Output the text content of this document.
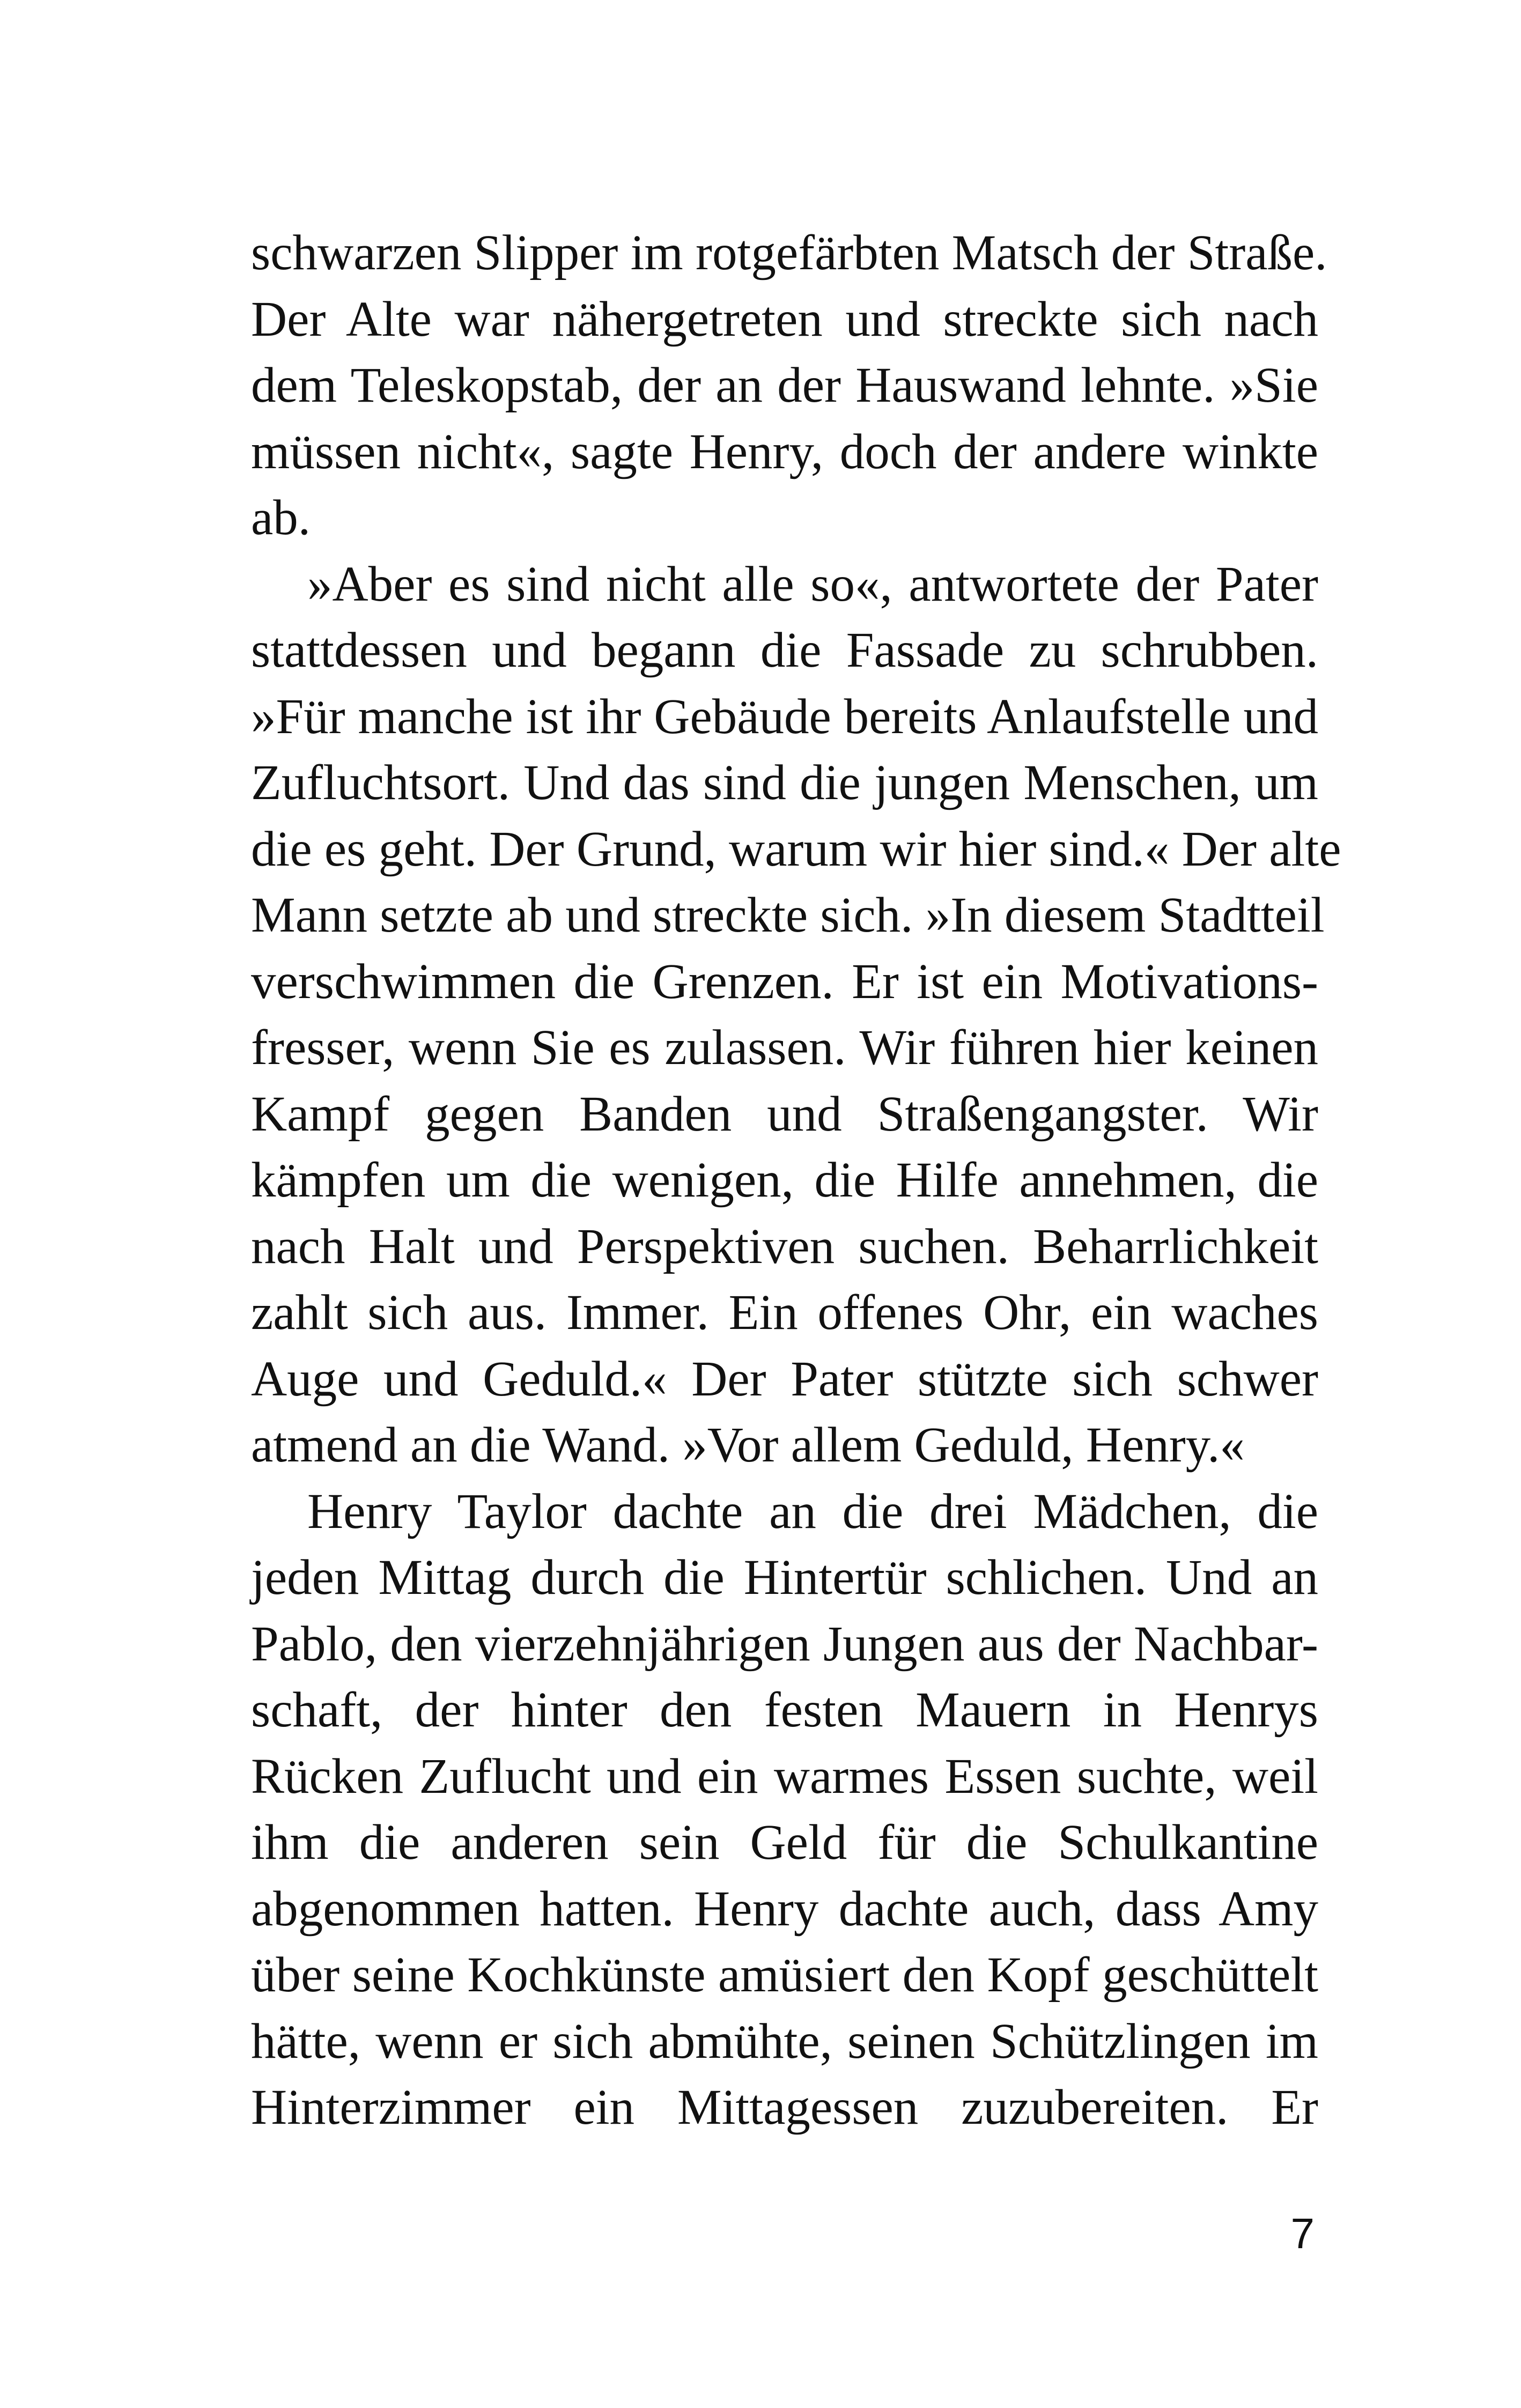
schwarzen Slipper im rotgefärbten Matsch der Straße.
Der Alte war nähergetreten und streckte sich nach
dem Teleskopstab, der an der Hauswand lehnte. »Sie
müssen nicht«, sagte Henry, doch der andere winkte
ab.
»Aber es sind nicht alle so«, antwortete der Pater
stattdessen und begann die Fassade zu schrubben.
»Für manche ist ihr Gebäude bereits Anlaufstelle und
Zufluchtsort. Und das sind die jungen Menschen, um
die es geht. Der Grund, warum wir hier sind.« Der alte
Mann setzte ab und streckte sich. »In diesem Stadtteil
verschwimmen die Grenzen. Er ist ein Motivations-
fresser, wenn Sie es zulassen. Wir führen hier keinen
Kampf gegen Banden und Straßengangster. Wir
kämpfen um die wenigen, die Hilfe annehmen, die
nach Halt und Perspektiven suchen. Beharrlichkeit
zahlt sich aus. Immer. Ein offenes Ohr, ein waches
Auge und Geduld.« Der Pater stützte sich schwer
atmend an die Wand. »Vor allem Geduld, Henry.«
Henry Taylor dachte an die drei Mädchen, die
jeden Mittag durch die Hintertür schlichen. Und an
Pablo, den vierzehnjährigen Jungen aus der Nachbar-
schaft, der hinter den festen Mauern in Henrys
Rücken Zuflucht und ein warmes Essen suchte, weil
ihm die anderen sein Geld für die Schulkantine
abgenommen hatten. Henry dachte auch, dass Amy
über seine Kochkünste amüsiert den Kopf geschüttelt
hätte, wenn er sich abmühte, seinen Schützlingen im
Hinterzimmer ein Mittagessen zuzubereiten. Er
7
